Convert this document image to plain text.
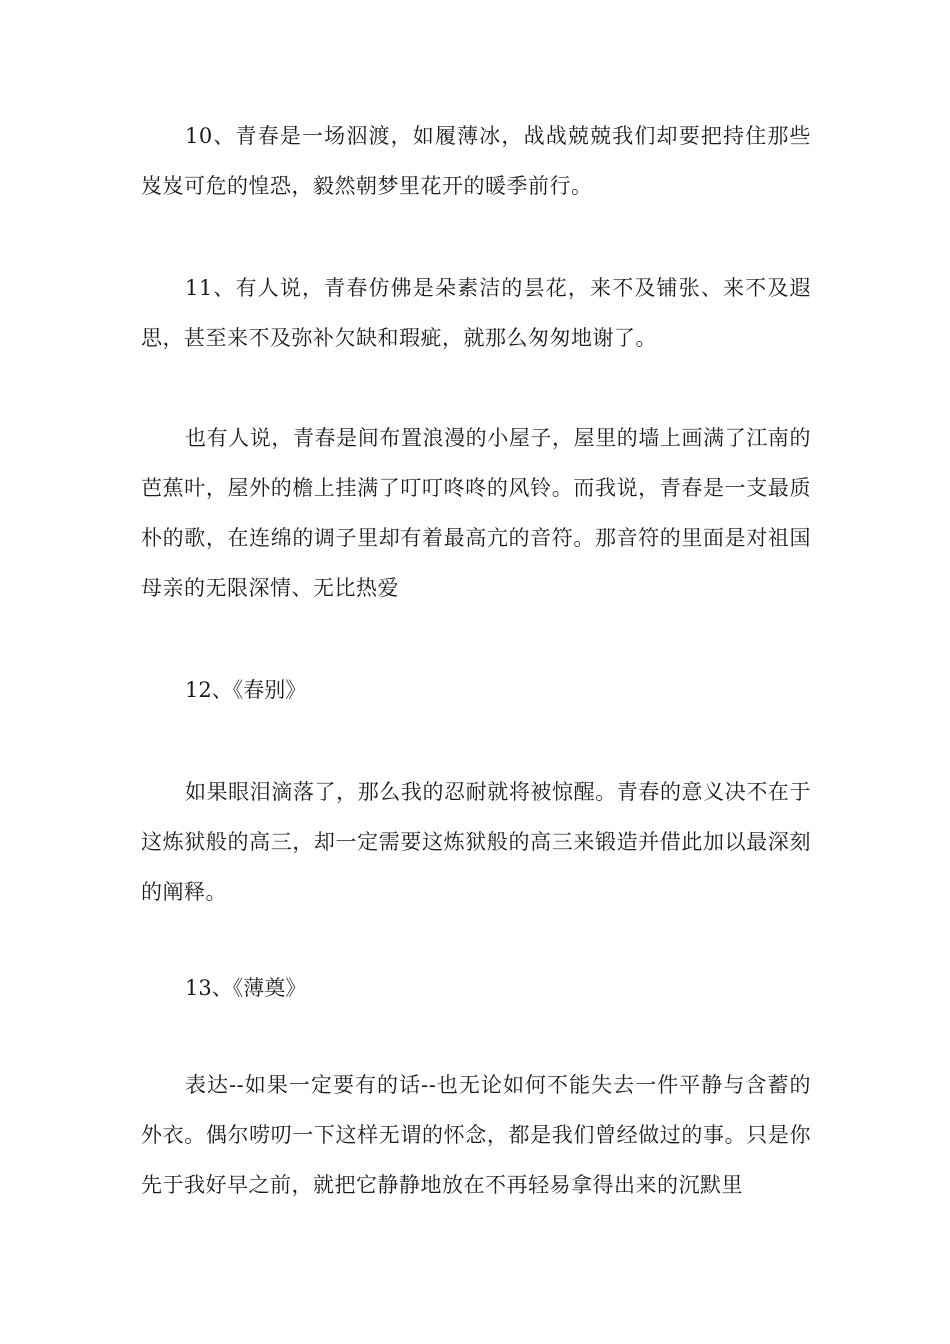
10、青春是一场泅渡，如履薄冰，战战兢兢我们却要把持住那些岌岌可危的惶恐，毅然朝梦里花开的暖季前行。

11、有人说，青春仿佛是朵素洁的昙花，来不及铺张、来不及遐思，甚至来不及弥补欠缺和瑕疵，就那么匆匆地谢了。

也有人说，青春是间布置浪漫的小屋子，屋里的墙上画满了江南的芭蕉叶，屋外的檐上挂满了叮叮咚咚的风铃。而我说，青春是一支最质朴的歌，在连绵的调子里却有着最高亢的音符。那音符的里面是对祖国母亲的无限深情、无比热爱

12、《春别》

如果眼泪滴落了，那么我的忍耐就将被惊醒。青春的意义决不在于这炼狱般的高三，却一定需要这炼狱般的高三来锻造并借此加以最深刻的阐释。

13、《薄奠》

表达--如果一定要有的话--也无论如何不能失去一件平静与含蓄的外衣。偶尔唠叨一下这样无谓的怀念，都是我们曾经做过的事。只是你先于我好早之前，就把它静静地放在不再轻易拿得出来的沉默里
